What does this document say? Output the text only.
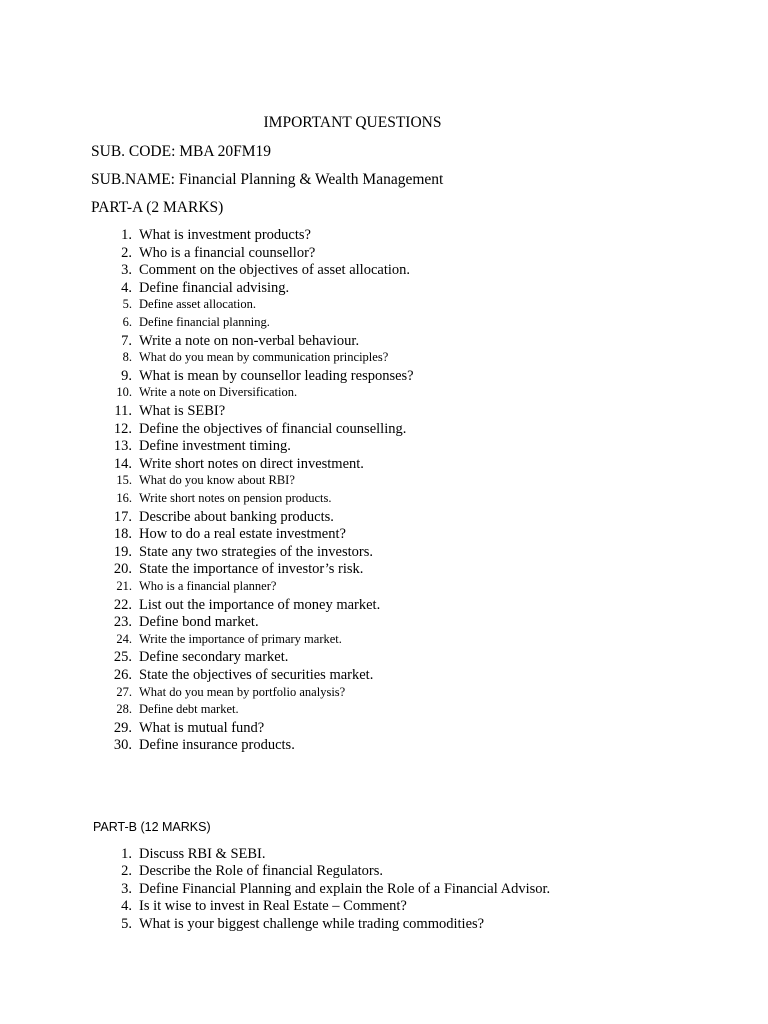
IMPORTANT QUESTIONS
SUB. CODE: MBA 20FM19
SUB.NAME: Financial Planning & Wealth Management
PART-A (2 MARKS)
1. What is investment products?
2. Who is a financial counsellor?
3. Comment on the objectives of asset allocation.
4. Define financial advising.
5. Define asset allocation.
6. Define financial planning.
7. Write a note on non-verbal behaviour.
8. What do you mean by communication principles?
9. What is mean by counsellor leading responses?
10. Write a note on Diversification.
11. What is SEBI?
12. Define the objectives of financial counselling.
13. Define investment timing.
14. Write short notes on direct investment.
15. What do you know about RBI?
16. Write short notes on pension products.
17. Describe about banking products.
18. How to do a real estate investment?
19. State any two strategies of the investors.
20. State the importance of investor’s risk.
21. Who is a financial planner?
22. List out the importance of money market.
23. Define bond market.
24. Write the importance of primary market.
25. Define secondary market.
26. State the objectives of securities market.
27. What do you mean by portfolio analysis?
28. Define debt market.
29. What is mutual fund?
30. Define insurance products.
PART-B (12 MARKS)
1. Discuss RBI & SEBI.
2. Describe the Role of financial Regulators.
3. Define Financial Planning and explain the Role of a Financial Advisor.
4. Is it wise to invest in Real Estate – Comment?
5. What is your biggest challenge while trading commodities?
